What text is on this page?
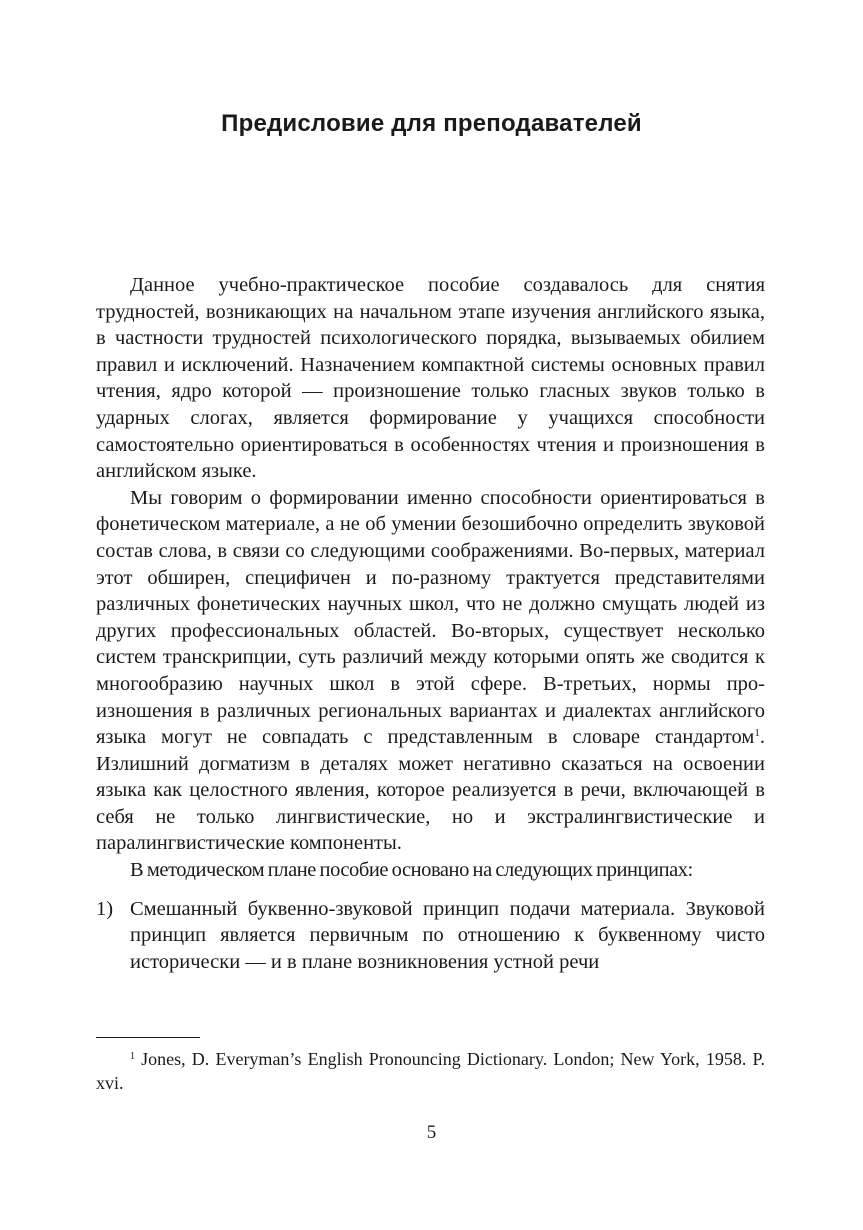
Предисловие для преподавателей

Данное учебно-практическое пособие создавалось для снятия трудностей, возникающих на начальном этапе изучения английского языка, в частности трудностей психологического порядка, вызываемых обилием правил и исключений. Назначением компактной системы основных правил чтения, ядро которой — произношение только гласных звуков только в ударных слогах, является формирование у учащихся способности самостоятельно ориентироваться в особенностях чтения и произношения в английском языке.

Мы говорим о формировании именно способности ориентироваться в фонетическом материале, а не об умении безошибочно определить звуковой состав слова, в связи со следующими соображениями. Во-первых, материал этот обширен, специфичен и по-разному трактуется представителями различных фонетических научных школ, что не должно смущать людей из других профессиональных областей. Во-вторых, существует несколько систем транскрипции, суть различий между которыми опять же сводится к многообразию научных школ в этой сфере. В-третьих, нормы произношения в различных региональных вариантах и диалектах английского языка могут не совпадать с представленным в словаре стандартом$^1$. Излишний догматизм в деталях может негативно сказаться на освоении языка как целостного явления, которое реализуется в речи, включающей в себя не только лингвистические, но и экстралингвистические и паралингвистические компоненты.

В методическом плане пособие основано на следующих принципах:

1) Смешанный буквенно-звуковой принцип подачи материала. Звуковой принцип является первичным по отношению к буквенному чисто исторически — и в плане возникновения устной речи

$^1$ Jones, D. Everyman’s English Pronouncing Dictionary. London; New York, 1958. P. xvi.
5
